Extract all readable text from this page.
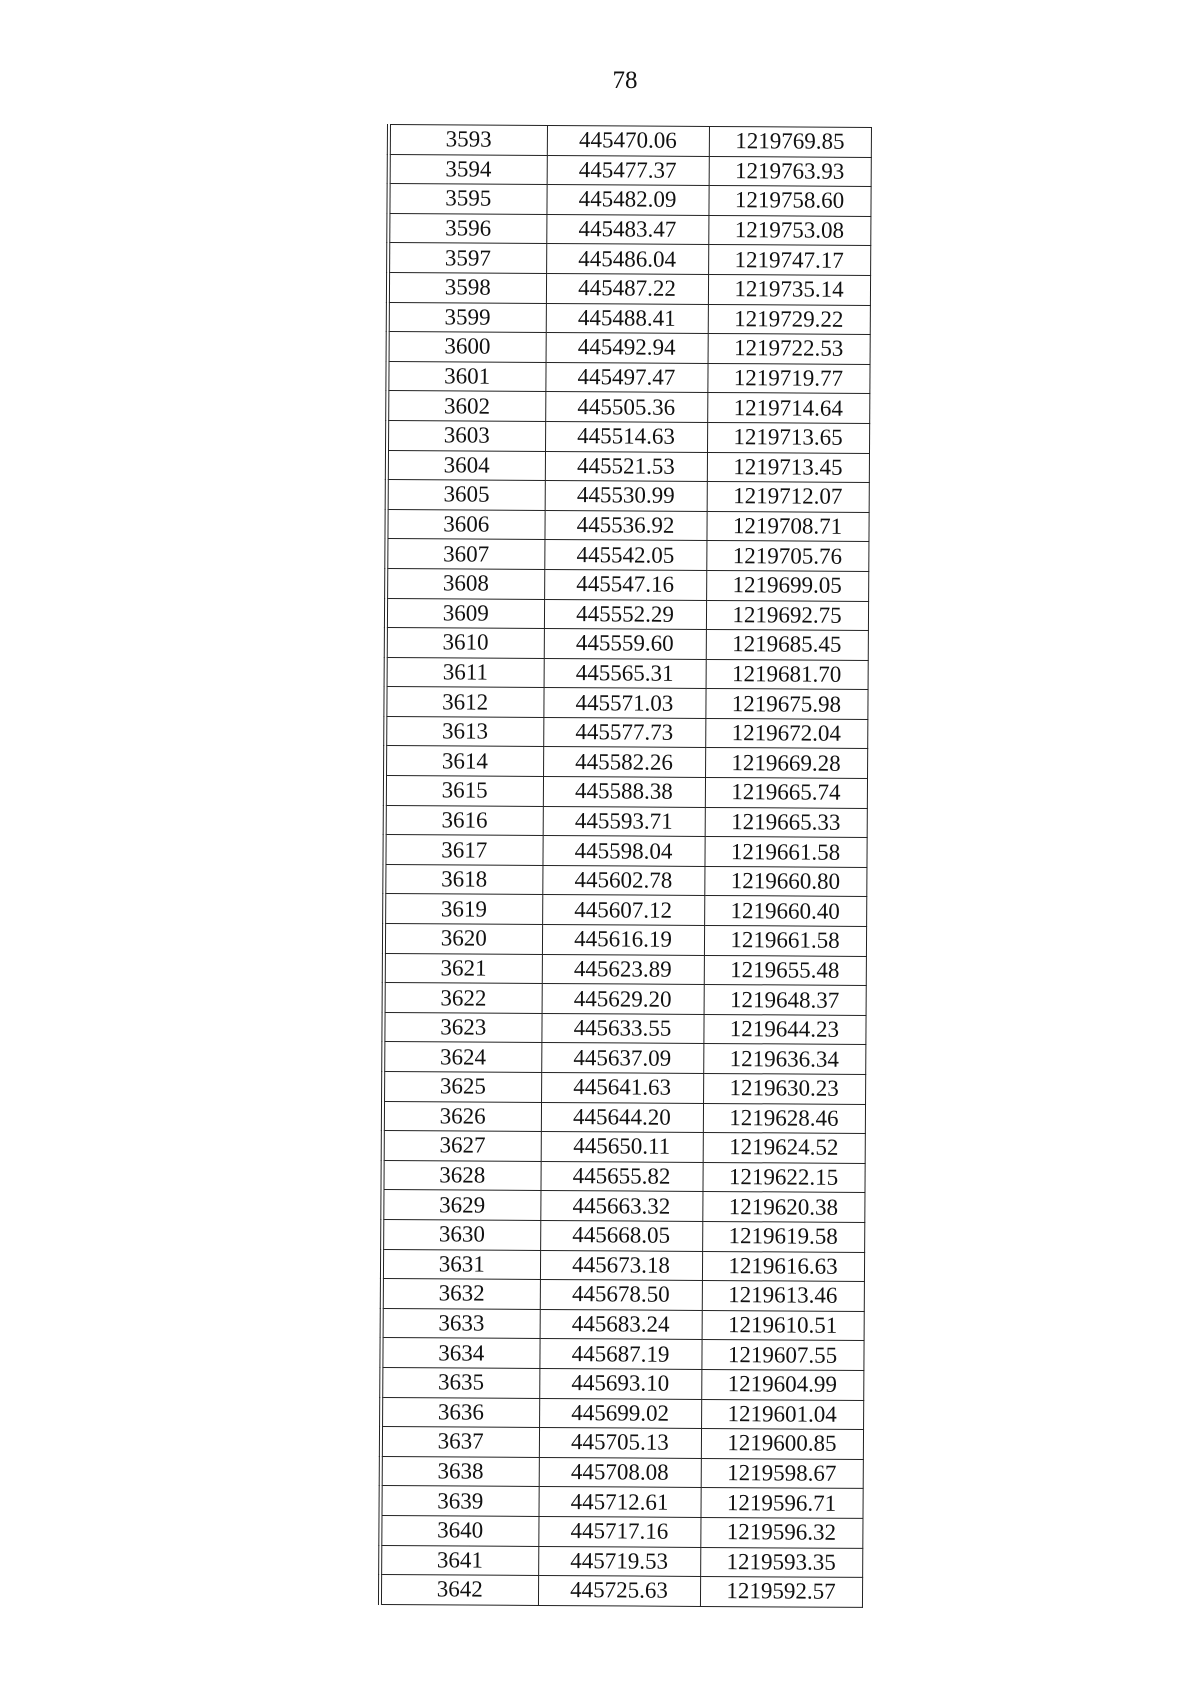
78
3593	445470.06	1219769.85
3594	445477.37	1219763.93
3595	445482.09	1219758.60
3596	445483.47	1219753.08
3597	445486.04	1219747.17
3598	445487.22	1219735.14
3599	445488.41	1219729.22
3600	445492.94	1219722.53
3601	445497.47	1219719.77
3602	445505.36	1219714.64
3603	445514.63	1219713.65
3604	445521.53	1219713.45
3605	445530.99	1219712.07
3606	445536.92	1219708.71
3607	445542.05	1219705.76
3608	445547.16	1219699.05
3609	445552.29	1219692.75
3610	445559.60	1219685.45
3611	445565.31	1219681.70
3612	445571.03	1219675.98
3613	445577.73	1219672.04
3614	445582.26	1219669.28
3615	445588.38	1219665.74
3616	445593.71	1219665.33
3617	445598.04	1219661.58
3618	445602.78	1219660.80
3619	445607.12	1219660.40
3620	445616.19	1219661.58
3621	445623.89	1219655.48
3622	445629.20	1219648.37
3623	445633.55	1219644.23
3624	445637.09	1219636.34
3625	445641.63	1219630.23
3626	445644.20	1219628.46
3627	445650.11	1219624.52
3628	445655.82	1219622.15
3629	445663.32	1219620.38
3630	445668.05	1219619.58
3631	445673.18	1219616.63
3632	445678.50	1219613.46
3633	445683.24	1219610.51
3634	445687.19	1219607.55
3635	445693.10	1219604.99
3636	445699.02	1219601.04
3637	445705.13	1219600.85
3638	445708.08	1219598.67
3639	445712.61	1219596.71
3640	445717.16	1219596.32
3641	445719.53	1219593.35
3642	445725.63	1219592.57
